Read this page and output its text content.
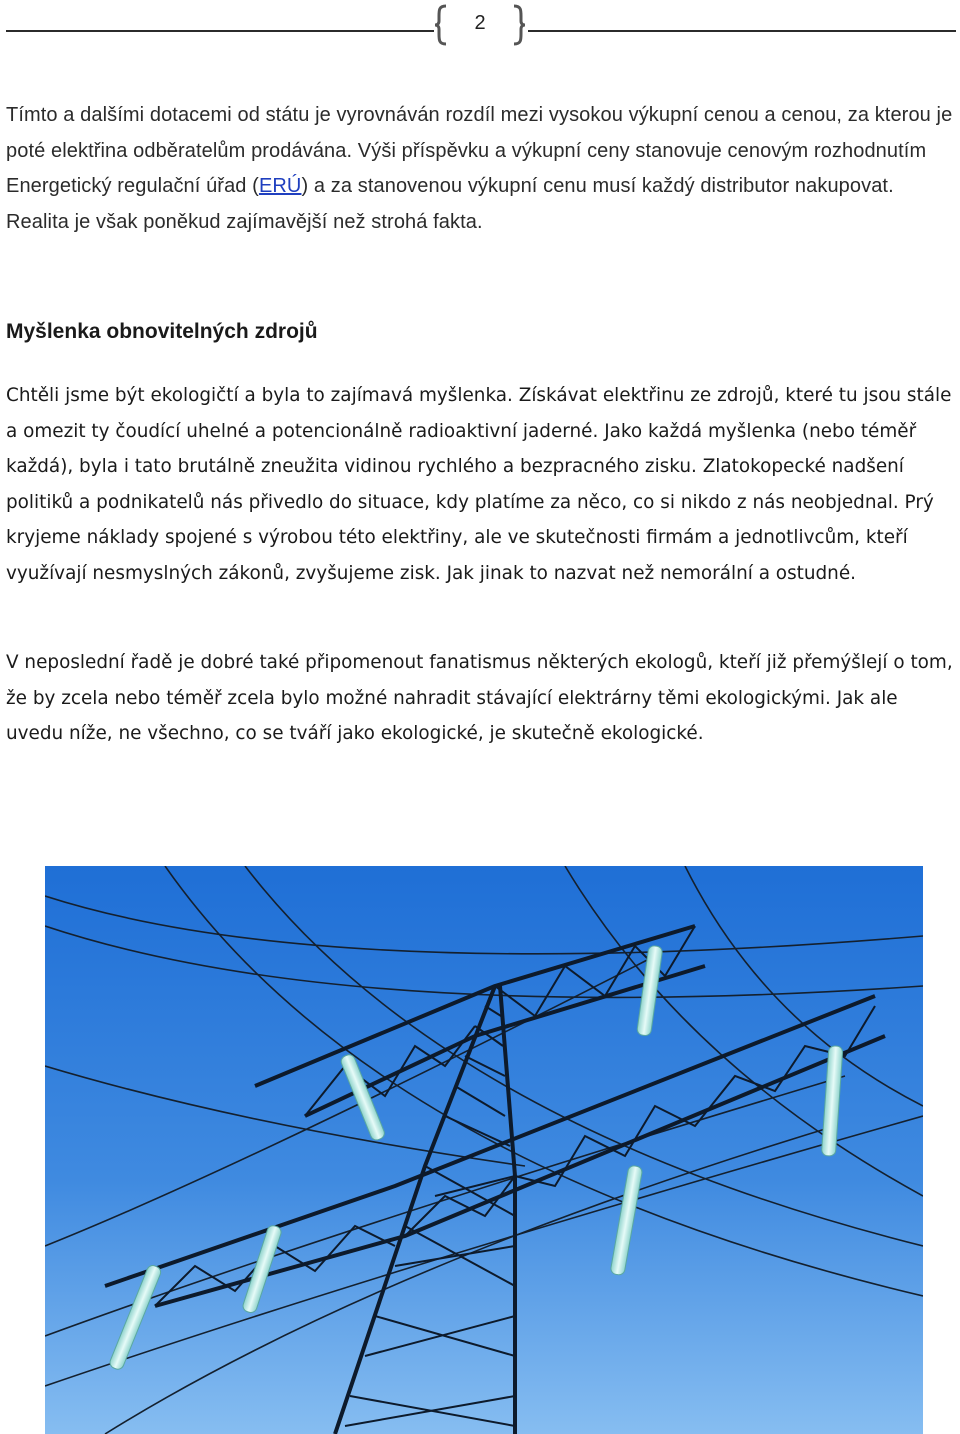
2

Tímto a dalšími dotacemi od státu je vyrovnáván rozdíl mezi vysokou výkupní cenou a cenou, za kterou je poté elektřina odběratelům prodávána. Výši příspěvku a výkupní ceny stanovuje cenovým rozhodnutím Energetický regulační úřad (ERÚ) a za stanovenou výkupní cenu musí každý distributor nakupovat. Realita je však poněkud zajímavější než strohá fakta.

Myšlenka obnovitelných zdrojů

Chtěli jsme být ekologičtí a byla to zajímavá myšlenka. Získávat elektřinu ze zdrojů, které tu jsou stále a omezit ty čoudící uhelné a potencionálně radioaktivní jaderné. Jako každá myšlenka (nebo téměř každá), byla i tato brutálně zneužita vidinou rychlého a bezpracného zisku. Zlatokopecké nadšení politiků a podnikatelů nás přivedlo do situace, kdy platíme za něco, co si nikdo z nás neobjednal. Prý kryjeme náklady spojené s výrobou této elektřiny, ale ve skutečnosti firmám a jednotlivcům, kteří využívají nesmyslných zákonů, zvyšujeme zisk. Jak jinak to nazvat než nemorální a ostudné.

V neposlední řadě je dobré také připomenout fanatismus některých ekologů, kteří již přemýšlejí o tom, že by zcela nebo téměř zcela bylo možné nahradit stávající elektrárny těmi ekologickými. Jak ale uvedu níže, ne všechno, co se tváří jako ekologické, je skutečně ekologické.
